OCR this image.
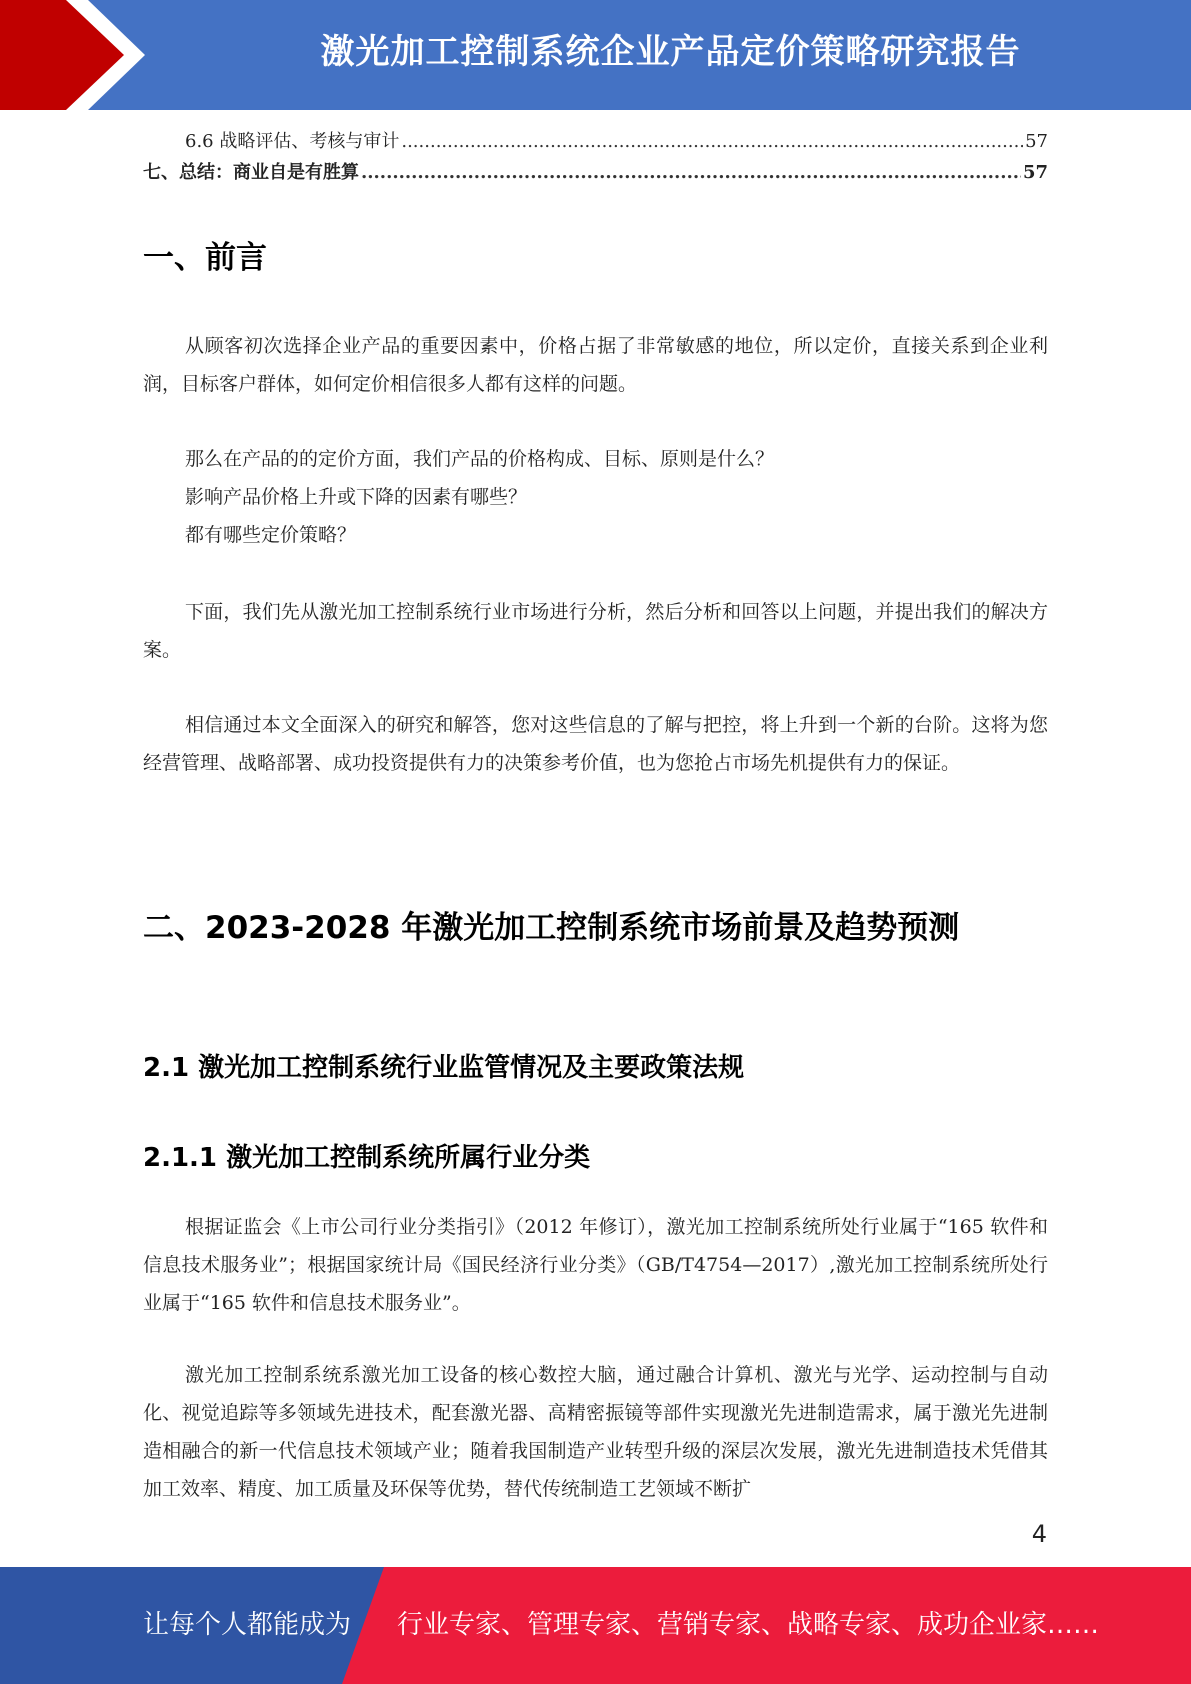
激光加工控制系统企业产品定价策略研究报告
6.6 战略评估、考核与审计 .....	57
七、总结：商业自是有胜算 .....	57
一、前言

从顾客初次选择企业产品的重要因素中，价格占据了非常敏感的地位，所以定价，直接关系到企业利润，目标客户群体，如何定价相信很多人都有这样的问题。

那么在产品的的定价方面，我们产品的价格构成、目标、原则是什么？

影响产品价格上升或下降的因素有哪些？

都有哪些定价策略？

下面，我们先从激光加工控制系统行业市场进行分析，然后分析和回答以上问题，并提出我们的解决方案。

相信通过本文全面深入的研究和解答，您对这些信息的了解与把控，将上升到一个新的台阶。这将为您经营管理、战略部署、成功投资提供有力的决策参考价值，也为您抢占市场先机提供有力的保证。

二、2023-2028 年激光加工控制系统市场前景及趋势预测
2.1 激光加工控制系统行业监管情况及主要政策法规
2.1.1 激光加工控制系统所属行业分类

根据证监会《上市公司行业分类指引》（2012 年修订），激光加工控制系统所处行业属于“165 软件和信息技术服务业”；根据国家统计局《国民经济行业分类》（GB/T4754—2017）,激光加工控制系统所处行业属于“165 软件和信息技术服务业”。

激光加工控制系统系激光加工设备的核心数控大脑，通过融合计算机、激光与光学、运动控制与自动化、视觉追踪等多领域先进技术，配套激光器、高精密振镜等部件实现激光先进制造需求，属于激光先进制造相融合的新一代信息技术领域产业；随着我国制造产业转型升级的深层次发展，激光先进制造技术凭借其加工效率、精度、加工质量及环保等优势，替代传统制造工艺领域不断扩

4
让每个人都能成为 行业专家、管理专家、营销专家、战略专家、成功企业家……
